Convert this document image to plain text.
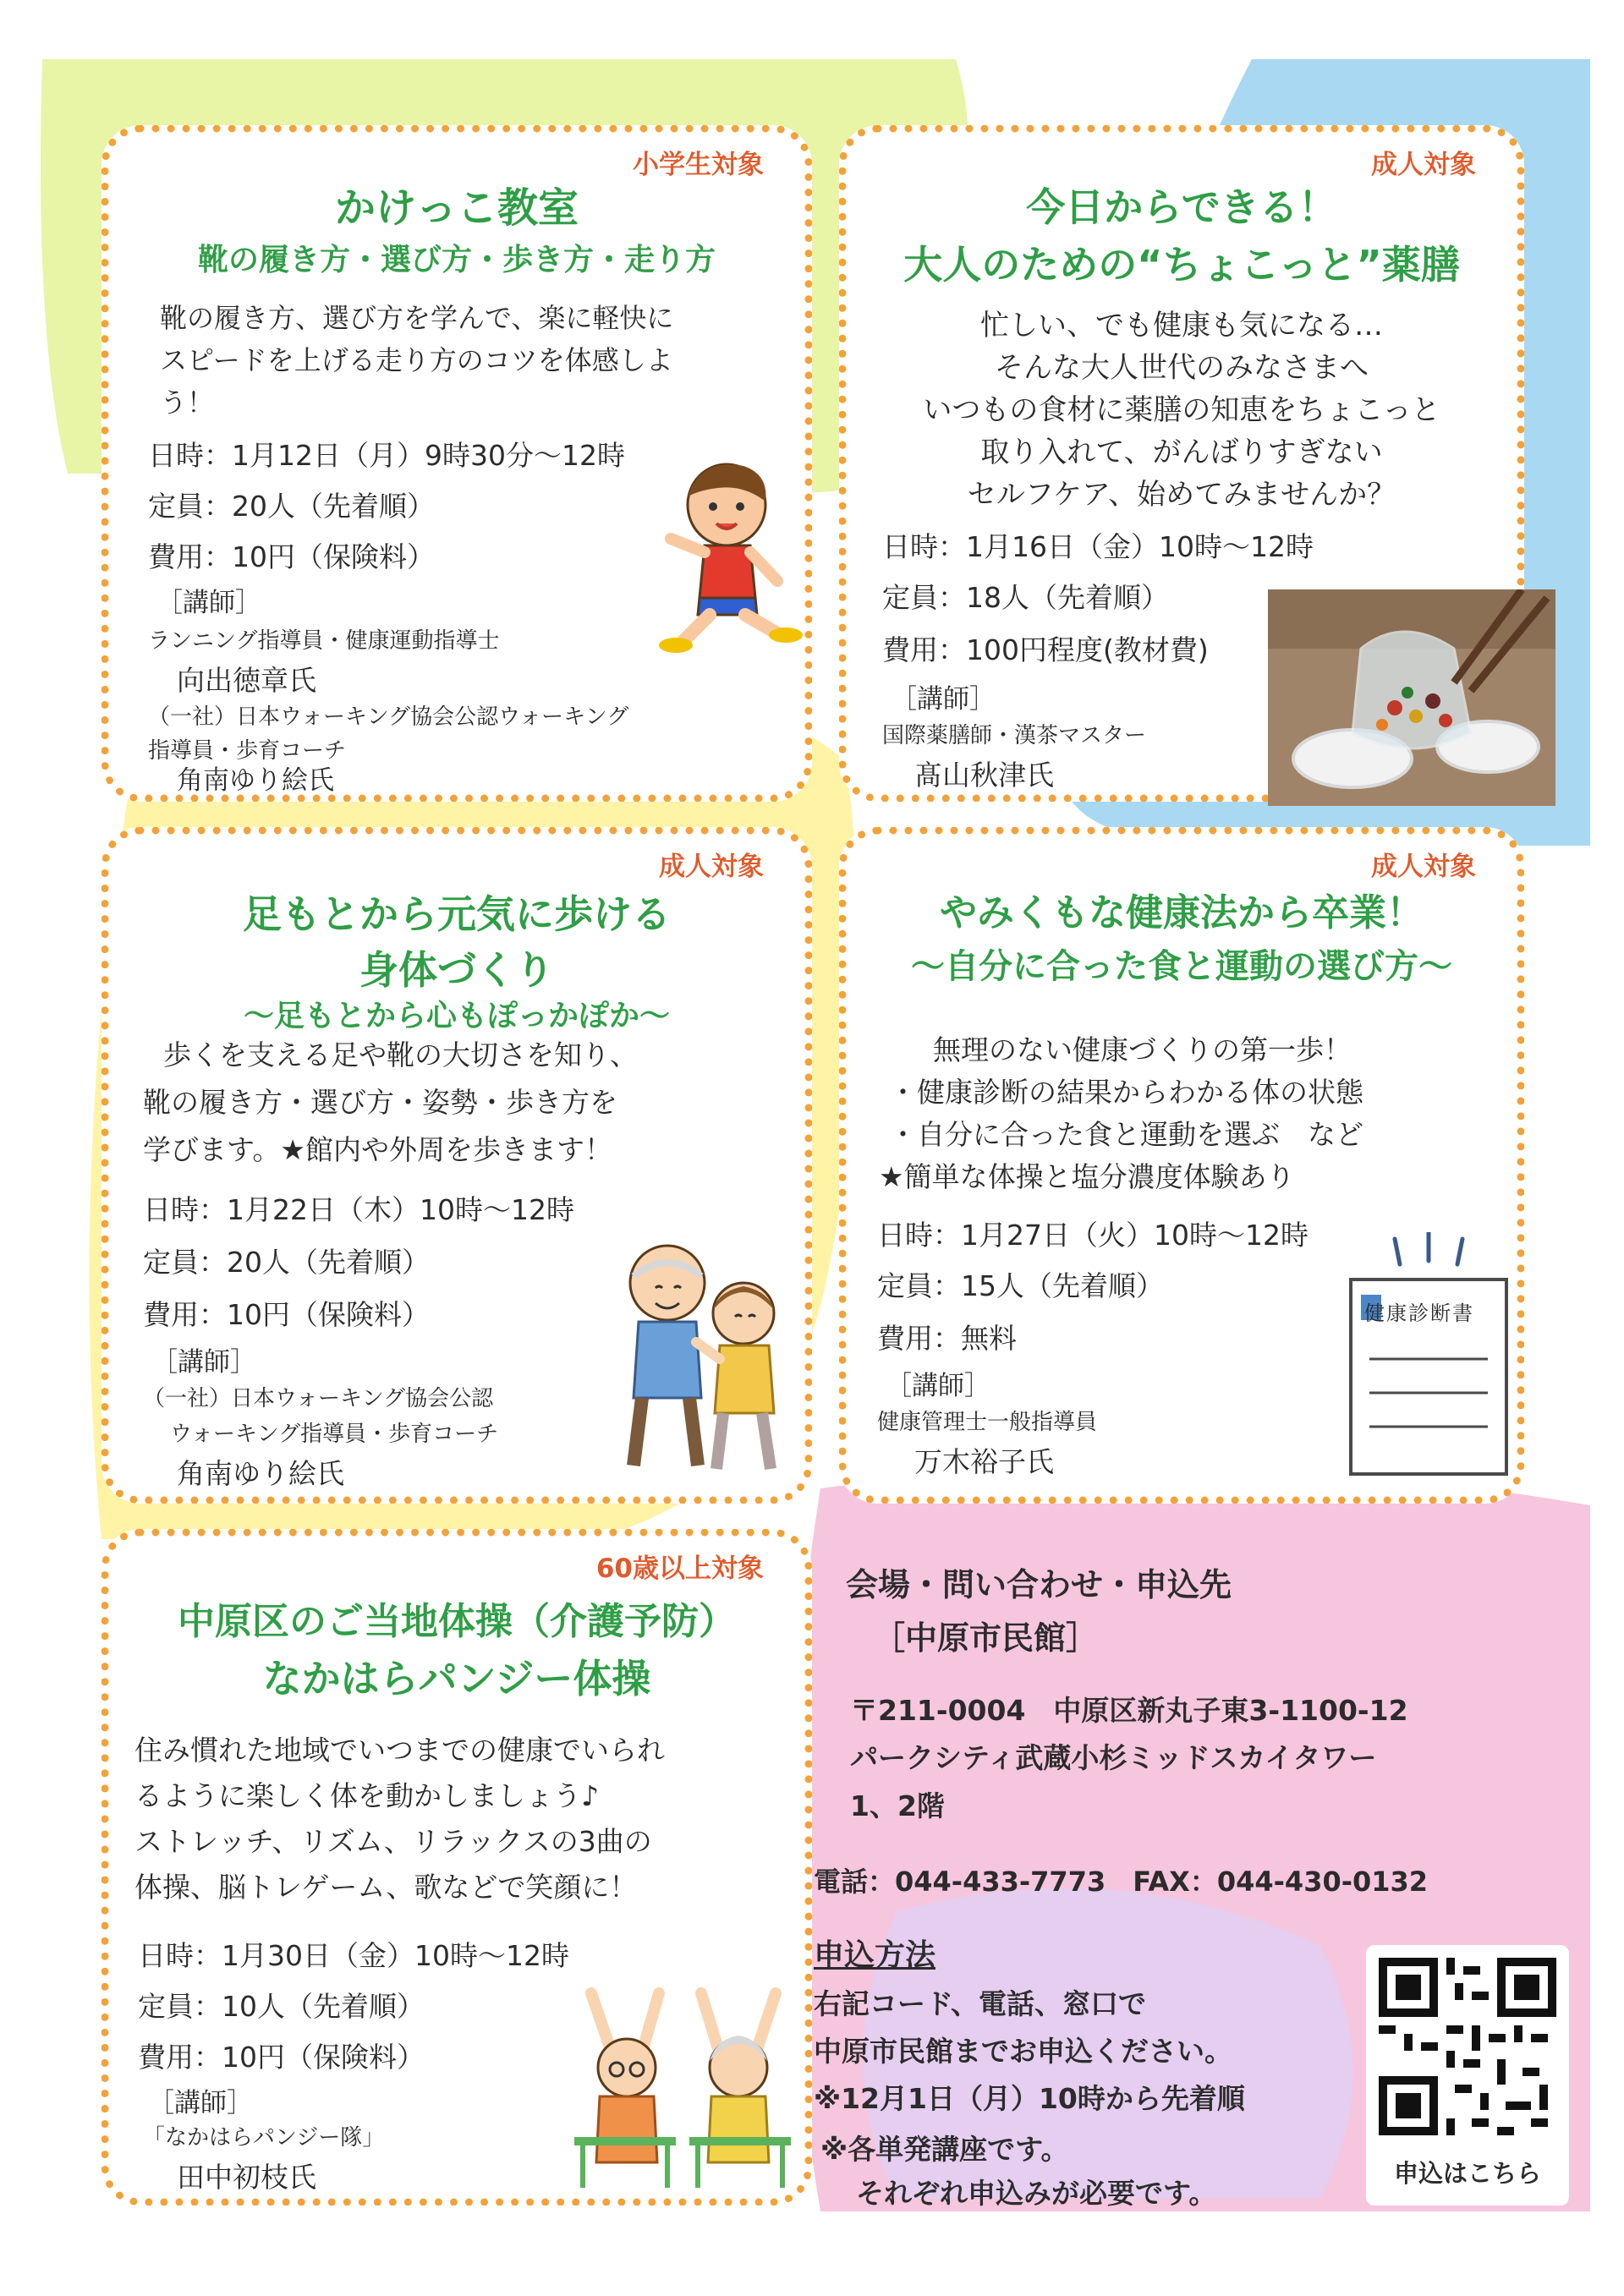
小学生対象
かけっこ教室
靴の履き方・選び方・歩き方・走り方
靴の履き方、選び方を学んで、楽に軽快に
スピードを上げる走り方のコツを体感しよ
う！
日時：1月12日（月）9時30分～12時
定員：20人（先着順）
費用：10円（保険料）
［講師］
ランニング指導員・健康運動指導士
向出徳章氏
（一社）日本ウォーキング協会公認ウォーキング
指導員・歩育コーチ
角南ゆり絵氏
成人対象
今日からできる！
大人のための“ちょこっと”薬膳
忙しい、でも健康も気になる…
そんな大人世代のみなさまへ
いつもの食材に薬膳の知恵をちょこっと
取り入れて、がんばりすぎない
セルフケア、始めてみませんか？
日時：1月16日（金）10時～12時
定員：18人（先着順）
費用：100円程度(教材費)
［講師］
国際薬膳師・漢茶マスター
髙山秋津氏
成人対象
足もとから元気に歩ける
身体づくり
～足もとから心もぽっかぽか～
歩くを支える足や靴の大切さを知り、
靴の履き方・選び方・姿勢・歩き方を
学びます。★館内や外周を歩きます！
日時：1月22日（木）10時～12時
定員：20人（先着順）
費用：10円（保険料）
［講師］
（一社）日本ウォーキング協会公認
ウォーキング指導員・歩育コーチ
角南ゆり絵氏
成人対象
やみくもな健康法から卒業！
～自分に合った食と運動の選び方～
無理のない健康づくりの第一歩！
・健康診断の結果からわかる体の状態
・自分に合った食と運動を選ぶ　など
★簡単な体操と塩分濃度体験あり
日時：1月27日（火）10時～12時
定員：15人（先着順）
費用：無料
［講師］
健康管理士一般指導員
万木裕子氏
健康診断書
60歳以上対象
中原区のご当地体操（介護予防）
なかはらパンジー体操
住み慣れた地域でいつまでの健康でいられ
るように楽しく体を動かしましょう♪
ストレッチ、リズム、リラックスの3曲の
体操、脳トレゲーム、歌などで笑顔に！
日時：1月30日（金）10時～12時
定員：10人（先着順）
費用：10円（保険料）
［講師］
「なかはらパンジー隊」
田中初枝氏
会場・問い合わせ・申込先
［中原市民館］
〒211-0004　中原区新丸子東3-1100-12
パークシティ武蔵小杉ミッドスカイタワー
1、2階
電話：044-433-7773　FAX：044-430-0132
申込方法
右記コード、電話、窓口で
中原市民館までお申込ください。
※12月1日（月）10時から先着順
※各単発講座です。
それぞれ申込みが必要です。
申込はこちら
